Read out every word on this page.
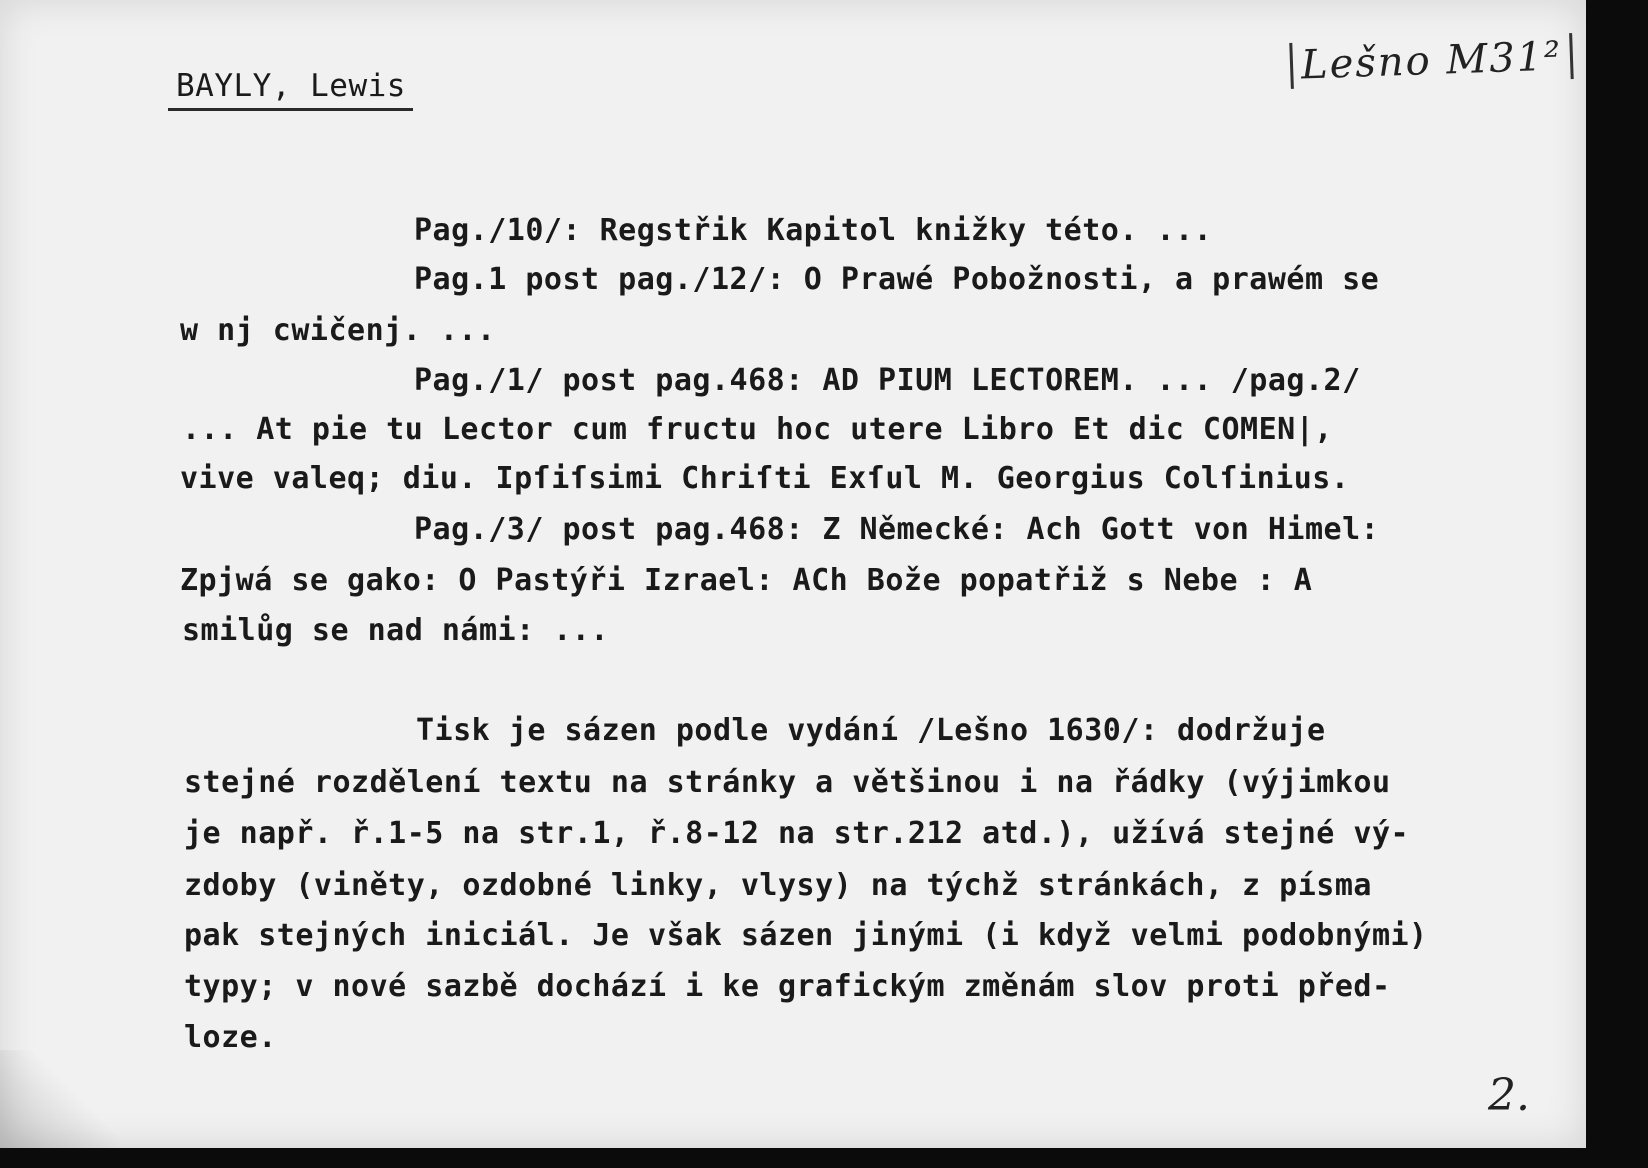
BAYLY, Lewis	Lešno M31²
Pag./10/: Regstřik Kapitol knižky této. ...
Pag.1 post pag./12/: O Prawé Pobožnosti, a prawém se
w nj cwičenj. ...
Pag./1/ post pag.468: AD PIUM LECTOREM. ... /pag.2/
... At pie tu Lector cum fructu hoc utere Libro Et dic COMEN|,
vive valeq; diu. Ipſiſsimi Chriſti Exſul M. Georgius Colſinius.
Pag./3/ post pag.468: Z Německé: Ach Gott von Himel:
Zpjwá se gako: O Pastýři Izrael: ACh Bože popatřiž s Nebe : A
smilůg se nad námi: ...
Tisk je sázen podle vydání /Lešno 1630/: dodržuje
stejné rozdělení textu na stránky a většinou i na řádky (výjimkou
je např. ř.1-5 na str.1, ř.8-12 na str.212 atd.), užívá stejné vý-
zdoby (viněty, ozdobné linky, vlysy) na týchž stránkách, z písma
pak stejných iniciál. Je však sázen jinými (i když velmi podobnými)
typy; v nové sazbě dochází i ke grafickým změnám slov proti před-
loze.
2.
